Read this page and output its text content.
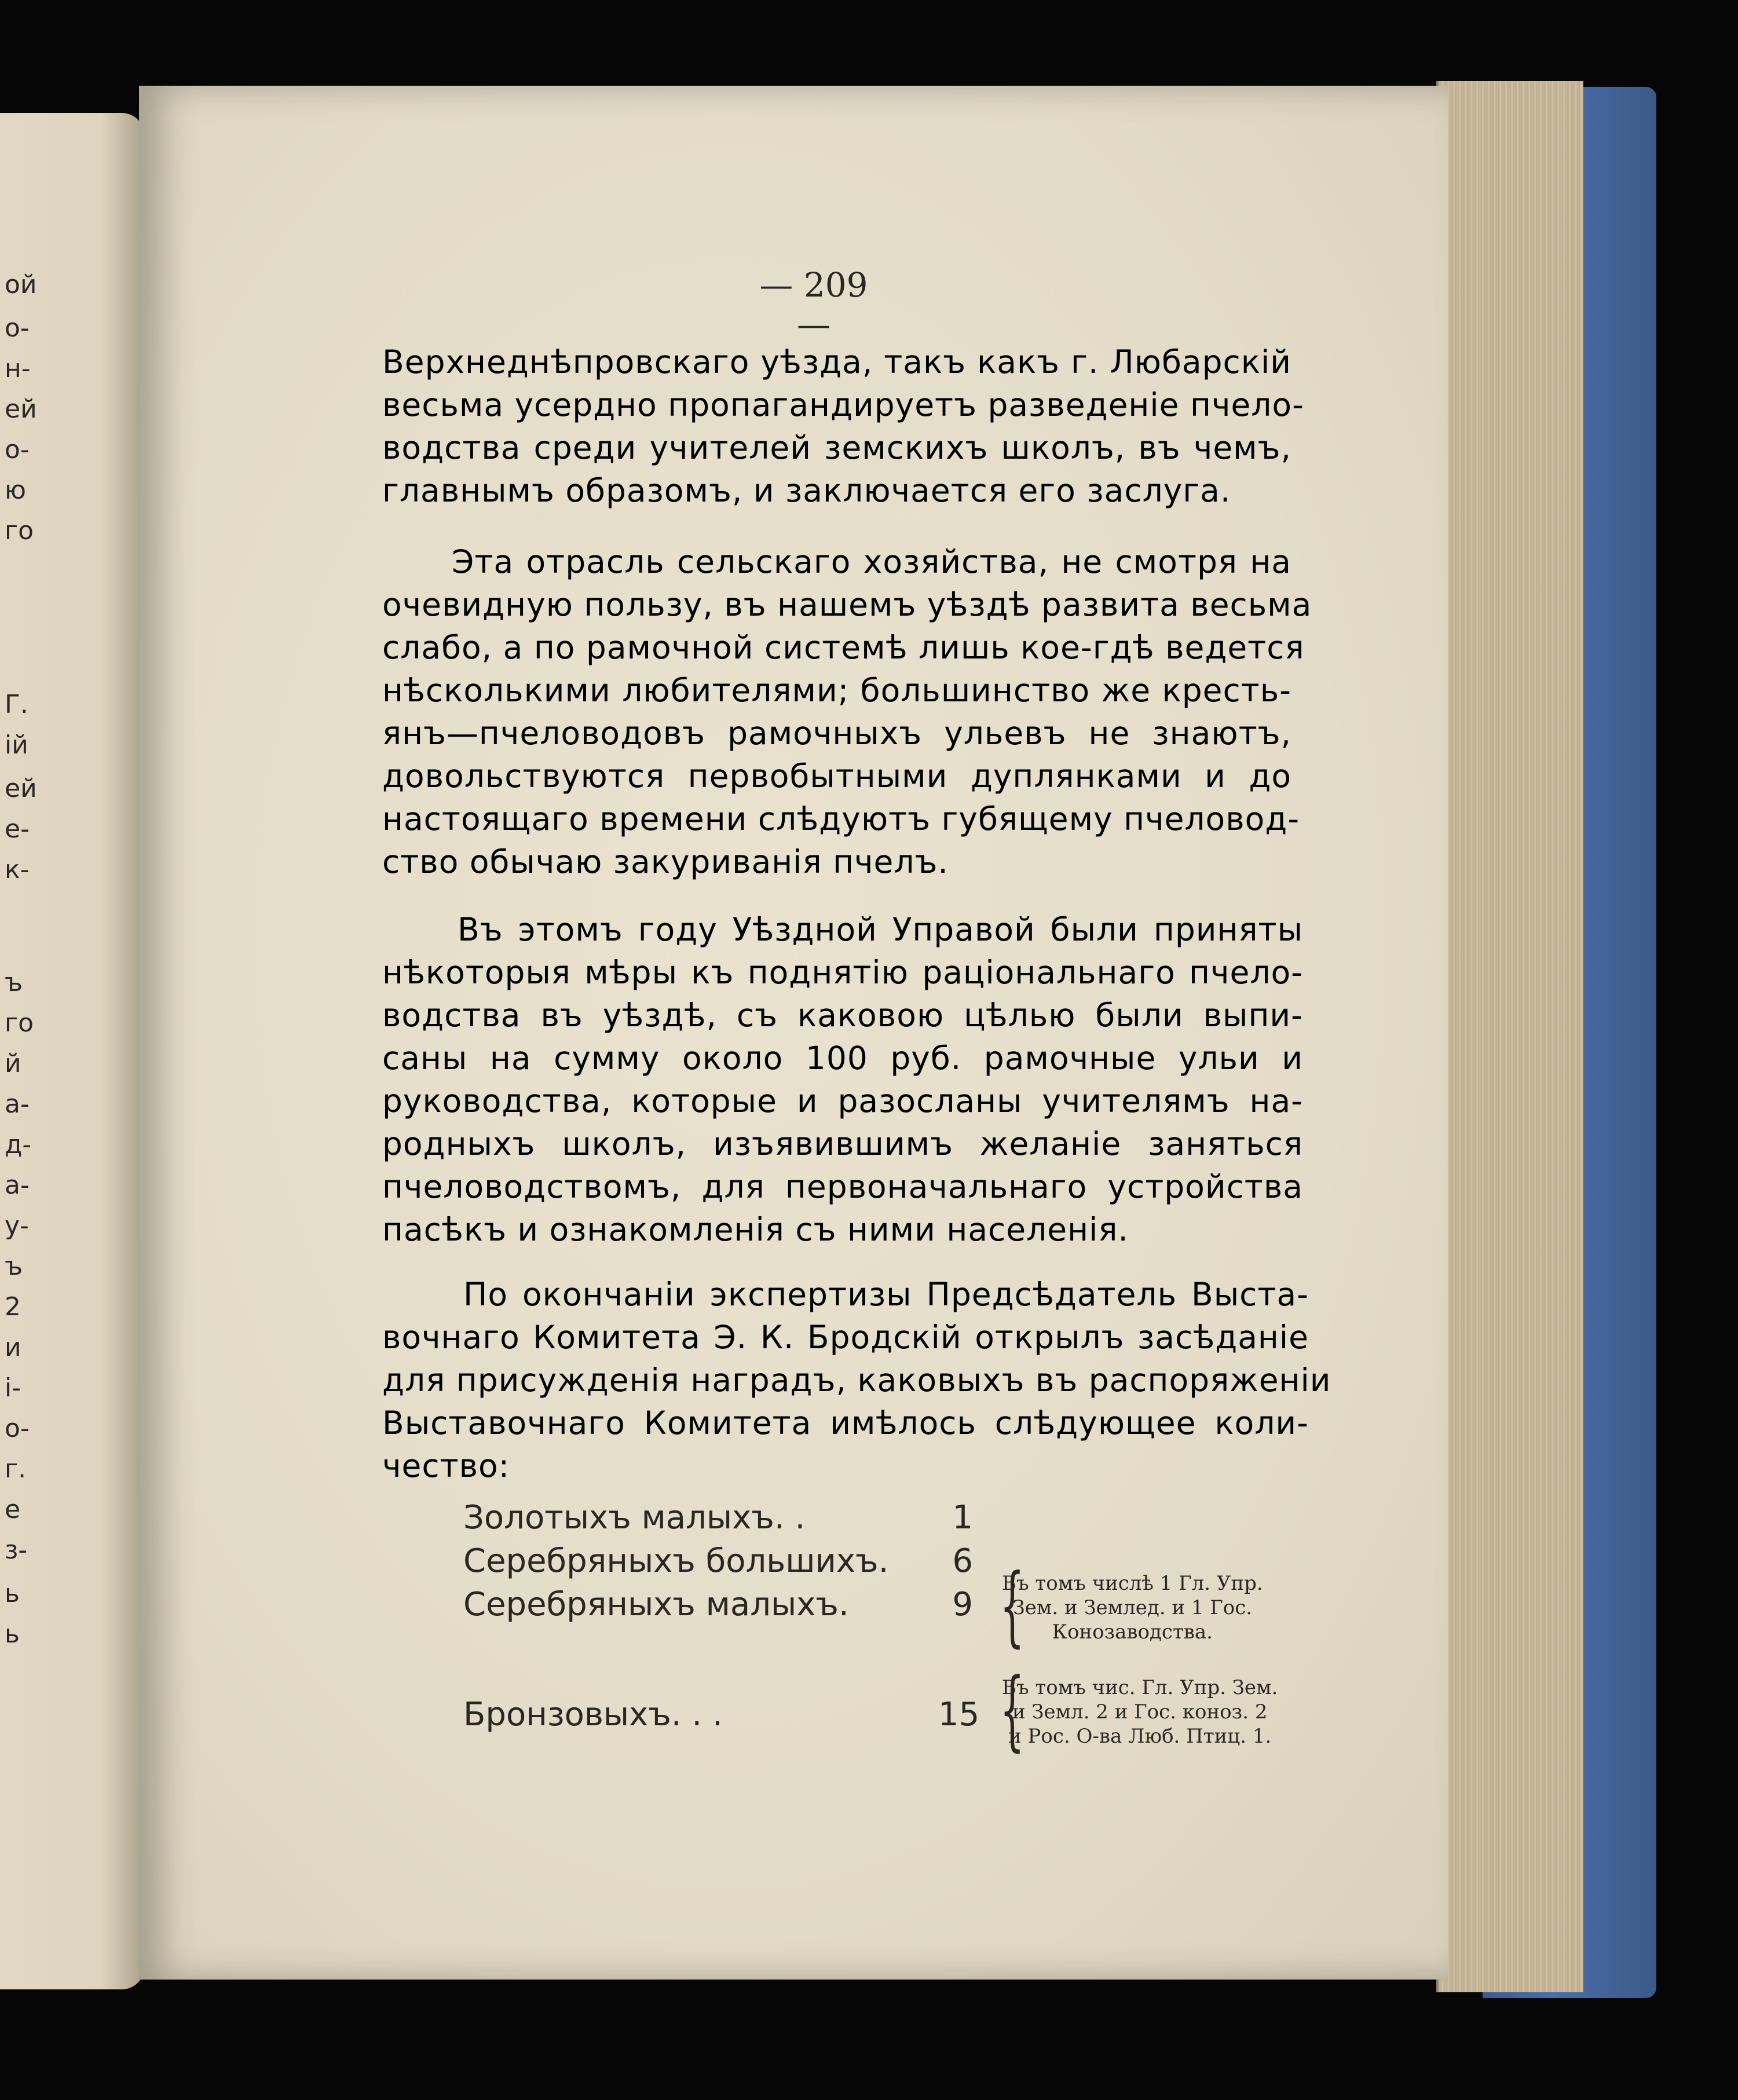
ой
о-
н-
ей
о-
ю
го
Г.
ій
ей
е-
к-
ъ
го
й
а-
д-
а-
у-
ъ
2
и
і-
о-
г.
е
з-
ь
ь
— 209 —
Верхнеднѣпровскаго уѣзда, такъ какъ г. Любарскій
весьма усердно пропагандируетъ разведеніе пчело-
водства среди учителей земскихъ школъ, въ чемъ,
главнымъ образомъ, и заключается его заслуга.
Эта отрасль сельскаго хозяйства, не смотря на
очевидную пользу, въ нашемъ уѣздѣ развита весьма
слабо, а по рамочной системѣ лишь кое-гдѣ ведется
нѣсколькими любителями; большинство же кресть-
янъ—пчеловодовъ рамочныхъ ульевъ не знаютъ,
довольствуются первобытными дуплянками и до
настоящаго времени слѣдуютъ губящему пчеловод-
ство обычаю закуриванія пчелъ.
Въ этомъ году Уѣздной Управой были приняты
нѣкоторыя мѣры къ поднятію раціональнаго пчело-
водства въ уѣздѣ, съ каковою цѣлью были выпи-
саны на сумму около 100 руб. рамочные ульи и
руководства, которые и разосланы учителямъ на-
родныхъ школъ, изъявившимъ желаніе заняться
пчеловодствомъ, для первоначальнаго устройства
пасѣкъ и ознакомленія съ ними населенія.
По окончаніи экспертизы Предсѣдатель Выста-
вочнаго Комитета Э. К. Бродскій открылъ засѣданіе
для присужденія наградъ, каковыхъ въ распоряженіи
Выставочнаго Комитета имѣлось слѣдующее коли-
чество:
Золотыхъ малыхъ. .	1
Серебряныхъ большихъ.	6
Серебряныхъ малыхъ.	9 {
Въ томъ числѣ 1 Гл. Упр.
Зем. и Землед. и 1 Гос.
Конозаводства.
Бронзовыхъ. . .	15 {
Въ томъ чис. Гл. Упр. Зем.
и Земл. 2 и Гос. коноз. 2
и Рос. О-ва Люб. Птиц. 1.
